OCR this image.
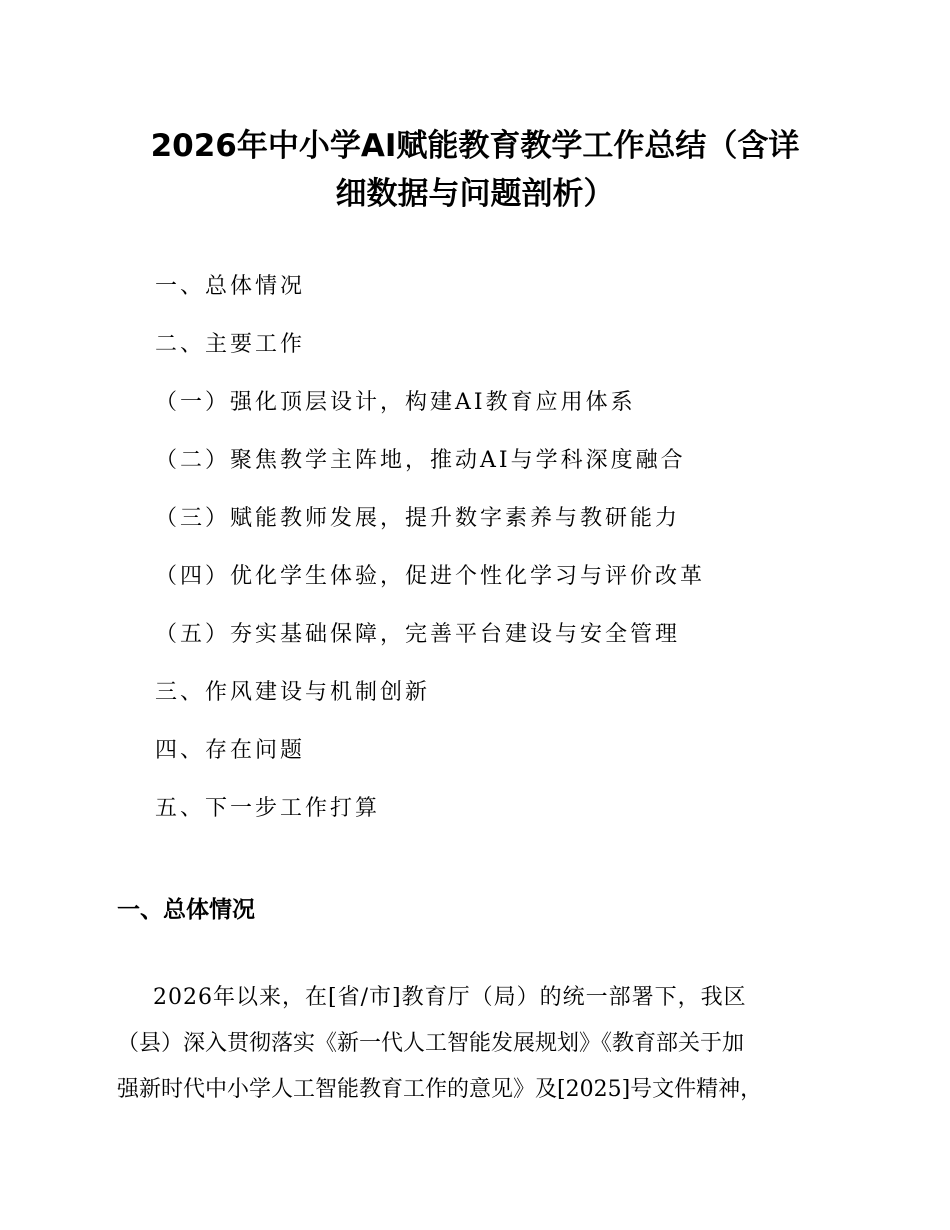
2026年中小学AI赋能教育教学工作总结（含详
细数据与问题剖析）
一、总体情况
二、主要工作
（一）强化顶层设计，构建AI教育应用体系
（二）聚焦教学主阵地，推动AI与学科深度融合
（三）赋能教师发展，提升数字素养与教研能力
（四）优化学生体验，促进个性化学习与评价改革
（五）夯实基础保障，完善平台建设与安全管理
三、作风建设与机制创新
四、存在问题
五、下一步工作打算
一、总体情况

2026年以来，在[省/市]教育厅（局）的统一部署下，我区
（县）深入贯彻落实《新一代人工智能发展规划》《教育部关于加
强新时代中小学人工智能教育工作的意见》及[2025]号文件精神，
